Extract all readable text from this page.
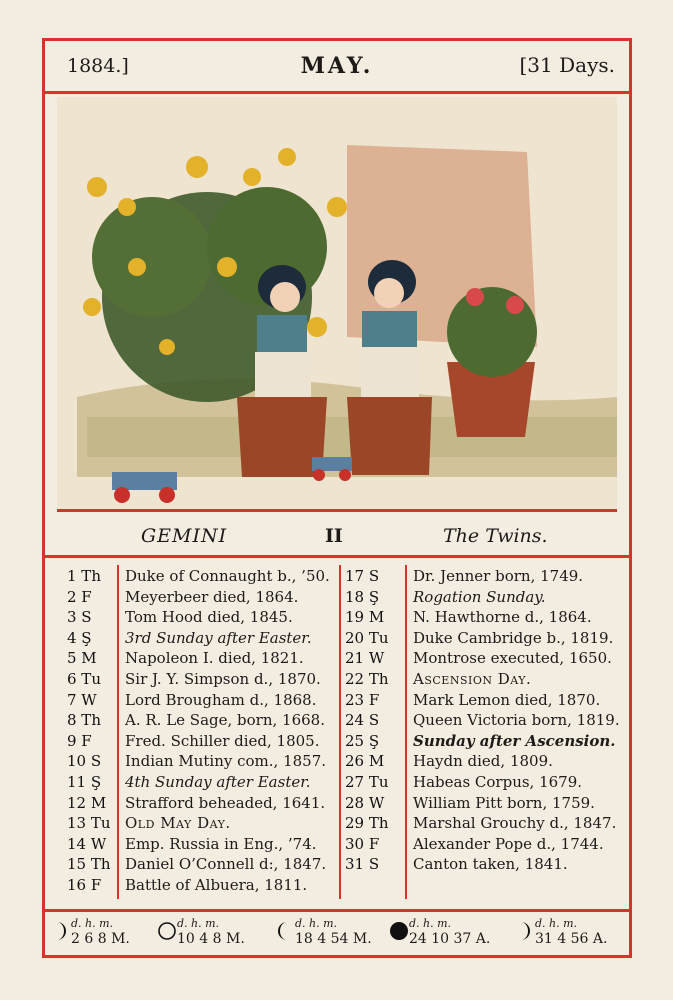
1884.]	MAY.	[31 Days.
GEMINI	II	The Twins.
1 Th Duke of Connaught b., ’50.
2 F Meyerbeer died, 1864.
3 S Tom Hood died, 1845.
4 Ş 3rd Sunday after Easter.
5 M Napoleon I. died, 1821.
6 Tu Sir J. Y. Simpson d., 1870.
7 W Lord Brougham d., 1868.
8 Th A. R. Le Sage, born, 1668.
9 F Fred. Schiller died, 1805.
10 S Indian Mutiny com., 1857.
11 Ş 4th Sunday after Easter.
12 M Strafford beheaded, 1641.
13 Tu Old May Day.
14 W Emp. Russia in Eng., ’74.
15 Th Daniel O’Connell d:, 1847.
16 F Battle of Albuera, 1811.
17 S Dr. Jenner born, 1749.
18 Ş Rogation Sunday.
19 M N. Hawthorne d., 1864.
20 Tu Duke Cambridge b., 1819.
21 W Montrose executed, 1650.
22 Th Ascension Day.
23 F Mark Lemon died, 1870.
24 S Queen Victoria born, 1819.
25 Ş Sunday after Ascension.
26 M Haydn died, 1809.
27 Tu Habeas Corpus, 1679.
28 W William Pitt born, 1759.
29 Th Marshal Grouchy d., 1847.
30 F Alexander Pope d., 1744.
31 S Canton taken, 1841.
d. h. m.
2 6 8 M.
d. h. m.
10 4 8 M.
d. h. m.
18 4 54 M.
d. h. m.
24 10 37 A.
d. h. m.
31 4 56 A.
